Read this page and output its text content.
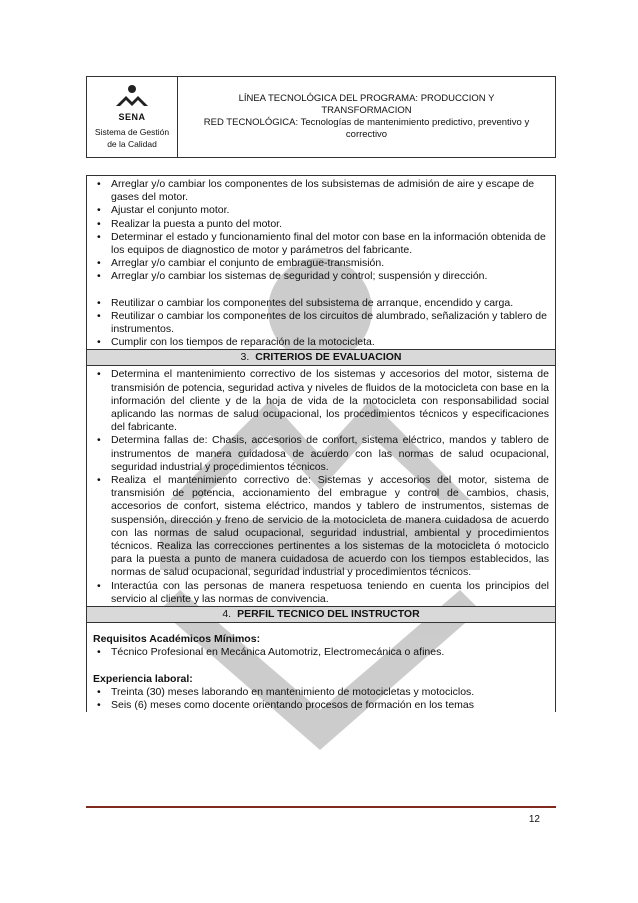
SENA
Sistema de Gestión
de la Calidad
LÍNEA TECNOLÓGICA DEL PROGRAMA: PRODUCCION Y
TRANSFORMACION
RED TECNOLÓGICA: Tecnologías de mantenimiento predictivo, preventivo y
correctivo
• Arreglar y/o cambiar los componentes de los subsistemas de admisión de aire y escape de gases del motor.
• Ajustar el conjunto motor.
• Realizar la puesta a punto del motor.
• Determinar el estado y funcionamiento final del motor con base en la información obtenida de los equipos de diagnostico de motor y parámetros del fabricante.
• Arreglar y/o cambiar el conjunto de embrague-transmisión.
• Arreglar y/o cambiar los sistemas de seguridad y control; suspensión y dirección.
• Reutilizar o cambiar los componentes del subsistema de arranque, encendido y carga.
• Reutilizar o cambiar los componentes de los circuitos de alumbrado, señalización y tablero de instrumentos.
• Cumplir con los tiempos de reparación de la motocicleta.
3. CRITERIOS DE EVALUACION
• Determina el mantenimiento correctivo de los sistemas y accesorios del motor, sistema de transmisión de potencia, seguridad activa y niveles de fluidos de la motocicleta con base en la información del cliente y de la hoja de vida de la motocicleta con responsabilidad social aplicando las normas de salud ocupacional, los procedimientos técnicos y especificaciones del fabricante.
• Determina fallas de: Chasis, accesorios de confort, sistema eléctrico, mandos y tablero de instrumentos de manera cuidadosa de acuerdo con las normas de salud ocupacional, seguridad industrial y procedimientos técnicos.
• Realiza el mantenimiento correctivo de: Sistemas y accesorios del motor, sistema de transmisión de potencia, accionamiento del embrague y control de cambios, chasis, accesorios de confort, sistema eléctrico, mandos y tablero de instrumentos, sistemas de suspensión, dirección y freno de servicio de la motocicleta de manera cuidadosa de acuerdo con las normas de salud ocupacional, seguridad industrial, ambiental y procedimientos técnicos. Realiza las correcciones pertinentes a los sistemas de la motocicleta ó motociclo para la puesta a punto de manera cuidadosa de acuerdo con los tiempos establecidos, las normas de salud ocupacional, seguridad industrial y procedimientos técnicos.
• Interactúa con las personas de manera respetuosa teniendo en cuenta los principios del servicio al cliente y las normas de convivencia.
4. PERFIL TECNICO DEL INSTRUCTOR
Requisitos Académicos Mínimos:
• Técnico Profesional en Mecánica Automotriz, Electromecánica o afines.
Experiencia laboral:
• Treinta (30) meses laborando en mantenimiento de motocicletas y motociclos.
• Seis (6) meses como docente orientando procesos de formación en los temas
12
